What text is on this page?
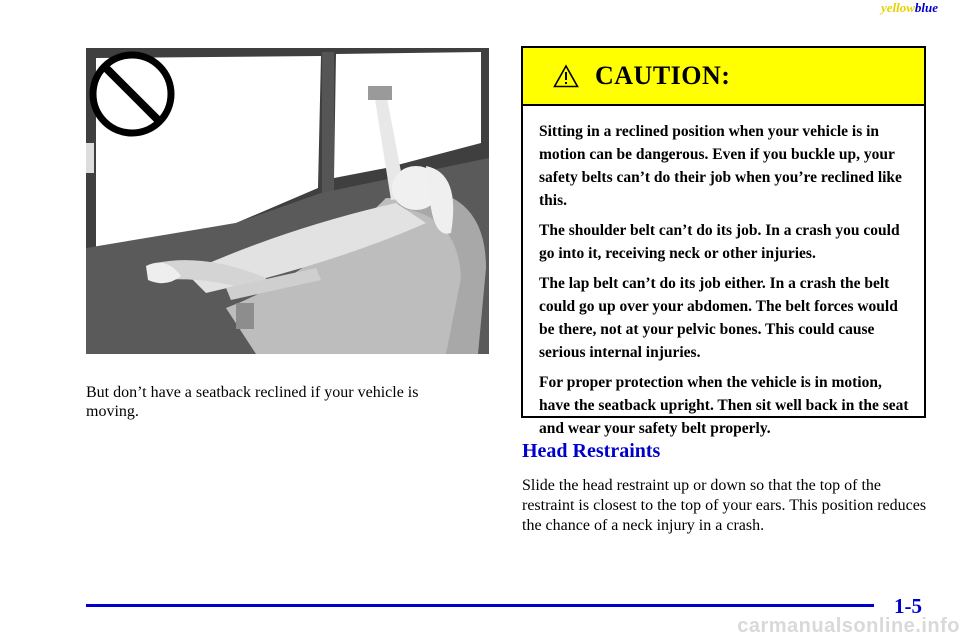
yellowblue
But don’t have a seatback reclined if your vehicle is moving.
CAUTION:

Sitting in a reclined position when your vehicle is in motion can be dangerous. Even if you buckle up, your safety belts can’t do their job when you’re reclined like this.

The shoulder belt can’t do its job. In a crash you could go into it, receiving neck or other injuries.

The lap belt can’t do its job either. In a crash the belt could go up over your abdomen. The belt forces would be there, not at your pelvic bones. This could cause serious internal injuries.

For proper protection when the vehicle is in motion, have the seatback upright. Then sit well back in the seat and wear your safety belt properly.

Head Restraints
Slide the head restraint up or down so that the top of the restraint is closest to the top of your ears. This position reduces the chance of a neck injury in a crash.
1-5
carmanualsonline.info
